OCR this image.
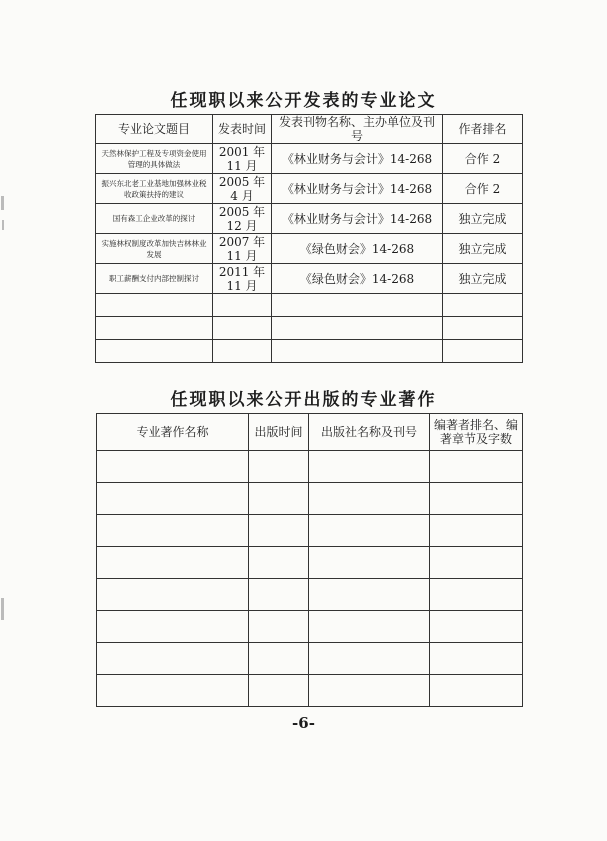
任现职以来公开发表的专业论文
专业论文题目	发表时间	发表刊物名称、主办单位及刊号	作者排名
天然林保护工程及专项资金使用管理的具体做法	2001 年 11 月	《林业财务与会计》14-268	合作 2
振兴东北老工业基地加强林业税收政策扶持的建议	2005 年 4 月	《林业财务与会计》14-268	合作 2
国有森工企业改革的探讨	2005 年 12 月	《林业财务与会计》14-268	独立完成
实施林权制度改革加快吉林林业发展	2007 年 11 月	《绿色财会》14-268	独立完成
职工薪酬支付内部控制探讨	2011 年 11 月	《绿色财会》14-268	独立完成

任现职以来公开出版的专业著作
专业著作名称	出版时间	出版社名称及刊号	编著者排名、编著章节及字数

-6-
